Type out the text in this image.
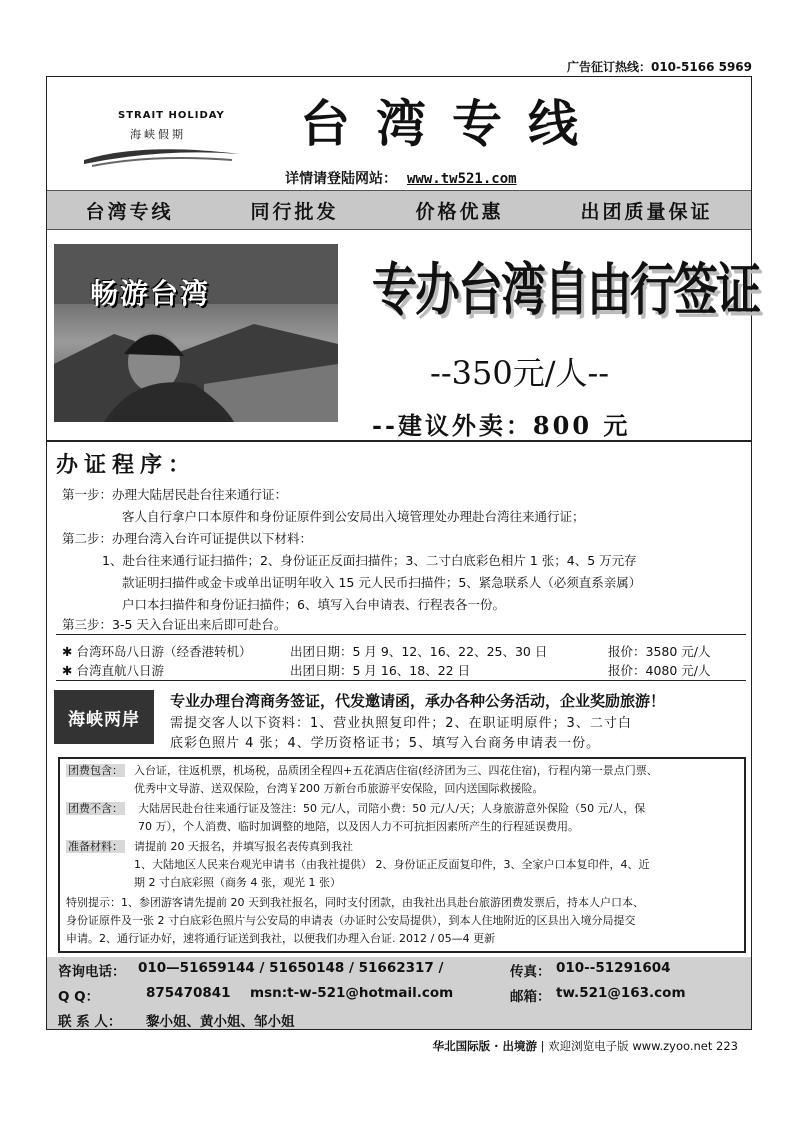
广告征订热线：010-5166 5969
STRAIT HOLIDAY
海峡假期 台湾专线
详情请登陆网站： www.tw521.com
台湾专线	同行批发	价格优惠	出团质量保证
畅游台湾	专办台湾自由行签证
--350元/人--
--建议外卖：800 元
办证程序：
第一步：办理大陆居民赴台往来通行证：
客人自行拿户口本原件和身份证原件到公安局出入境管理处办理赴台湾往来通行证；
第二步：办理台湾入台许可证提供以下材料：
1、赴台往来通行证扫描件；2、身份证正反面扫描件；3、二寸白底彩色相片 1 张；4、5 万元存
款证明扫描件或金卡或单出证明年收入 15 元人民币扫描件；5、紧急联系人（必须直系亲属）
户口本扫描件和身份证扫描件；6、填写入台申请表、行程表各一份。
第三步：3-5 天入台证出来后即可赴台。
✱ 台湾环岛八日游（经香港转机）	出团日期：5 月 9、12、16、22、25、30 日	报价：3580 元/人
✱ 台湾直航八日游	出团日期：5 月 16、18、22 日	报价：4080 元/人
海峡两岸
专业办理台湾商务签证，代发邀请函，承办各种公务活动，企业奖励旅游！
需提交客人以下资料：1、营业执照复印件；2、在职证明原件；3、二寸白
底彩色照片 4 张；4、学历资格证书；5、填写入台商务申请表一份。
团费包含： 入台证，往返机票，机场税，品质团全程四+五花酒店住宿(经济团为三、四花住宿)，行程内第一景点门票、
优秀中文导游、送双保险，台湾￥200 万新台币旅游平安保险，回内送国际救援险。
团费不含： 大陆居民赴台往来通行证及签注：50 元/人，司陪小费：50 元/人/天；人身旅游意外保险（50 元/人，保
70 万），个人消费、临时加调整的地陪，以及因人力不可抗拒因素所产生的行程延误费用。
准备材料： 请提前 20 天报名，并填写报名表传真到我社
1、大陆地区人民来台观光申请书（由我社提供） 2、身份证正反面复印件，3、全家户口本复印件，4、近
期 2 寸白底彩照（商务 4 张，观光 1 张）
特别提示：1、参团游客请先提前 20 天到我社报名，同时支付团款，由我社出具赴台旅游团费发票后，持本人户口本、
身份证原件及一张 2 寸白底彩色照片与公安局的申请表（办证时公安局提供），到本人住地附近的区县出入境分局提交
申请。2、通行证办好，速将通行证送到我社，以便我们办理入台证. 2012 / 05—4 更新
咨询电话： 010—51659144 / 51650148 / 51662317 /	传真： 010--51291604
Q Q：	875470841 msn:t-w-521@hotmail.com	邮箱： tw.521@163.com
联 系 人： 黎小姐、黄小姐、邹小姐
华北国际版 · 出境游 | 欢迎浏览电子版 www.zyoo.net 223
